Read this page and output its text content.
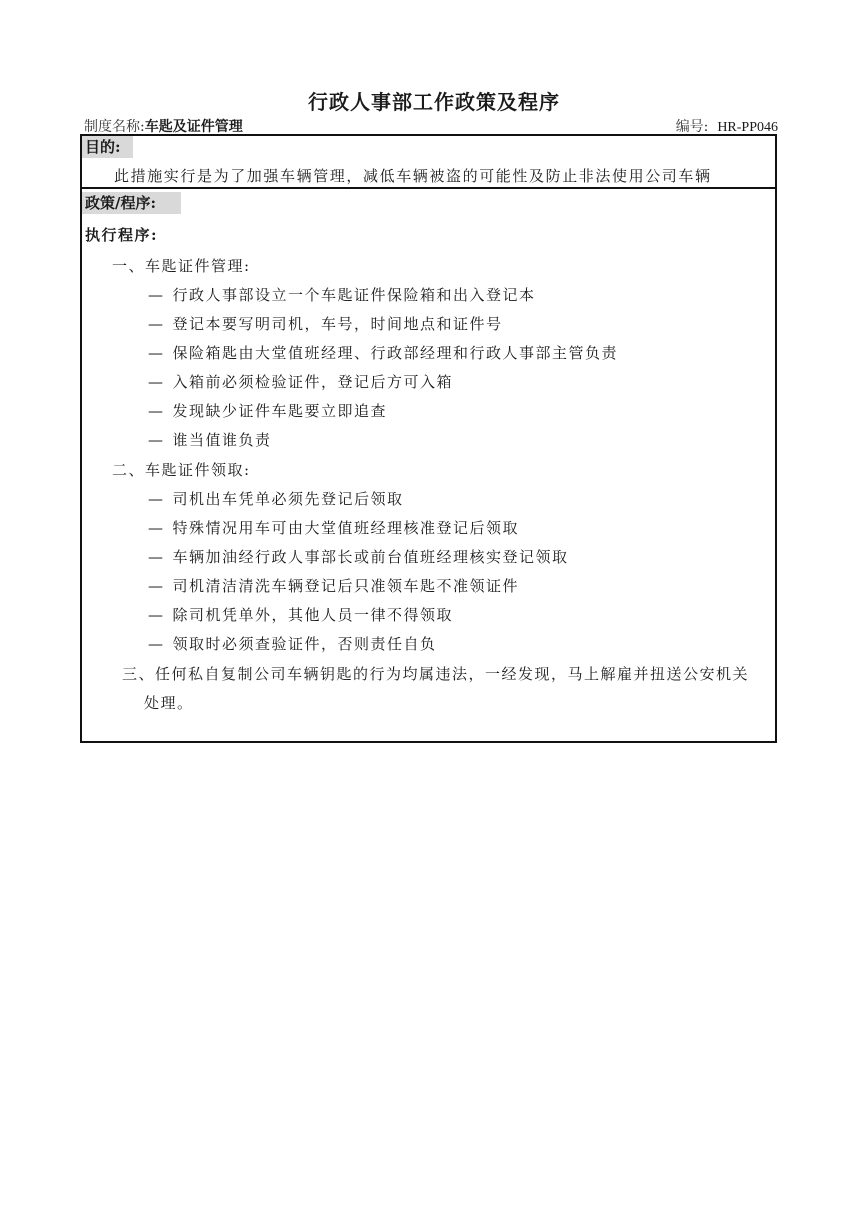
行政人事部工作政策及程序
制度名称:车匙及证件管理	编号: HR-PP046
目的:
此措施实行是为了加强车辆管理，减低车辆被盗的可能性及防止非法使用公司车辆
政策/程序:
执行程序:
一、车匙证件管理:
— 行政人事部设立一个车匙证件保险箱和出入登记本
— 登记本要写明司机，车号，时间地点和证件号
— 保险箱匙由大堂值班经理、行政部经理和行政人事部主管负责
— 入箱前必须检验证件，登记后方可入箱
— 发现缺少证件车匙要立即追查
— 谁当值谁负责
二、车匙证件领取:
— 司机出车凭单必须先登记后领取
— 特殊情况用车可由大堂值班经理核准登记后领取
— 车辆加油经行政人事部长或前台值班经理核实登记领取
— 司机清洁清洗车辆登记后只准领车匙不准领证件
— 除司机凭单外，其他人员一律不得领取
— 领取时必须查验证件，否则责任自负
三、任何私自复制公司车辆钥匙的行为均属违法，一经发现，马上解雇并扭送公安机关
处理。
